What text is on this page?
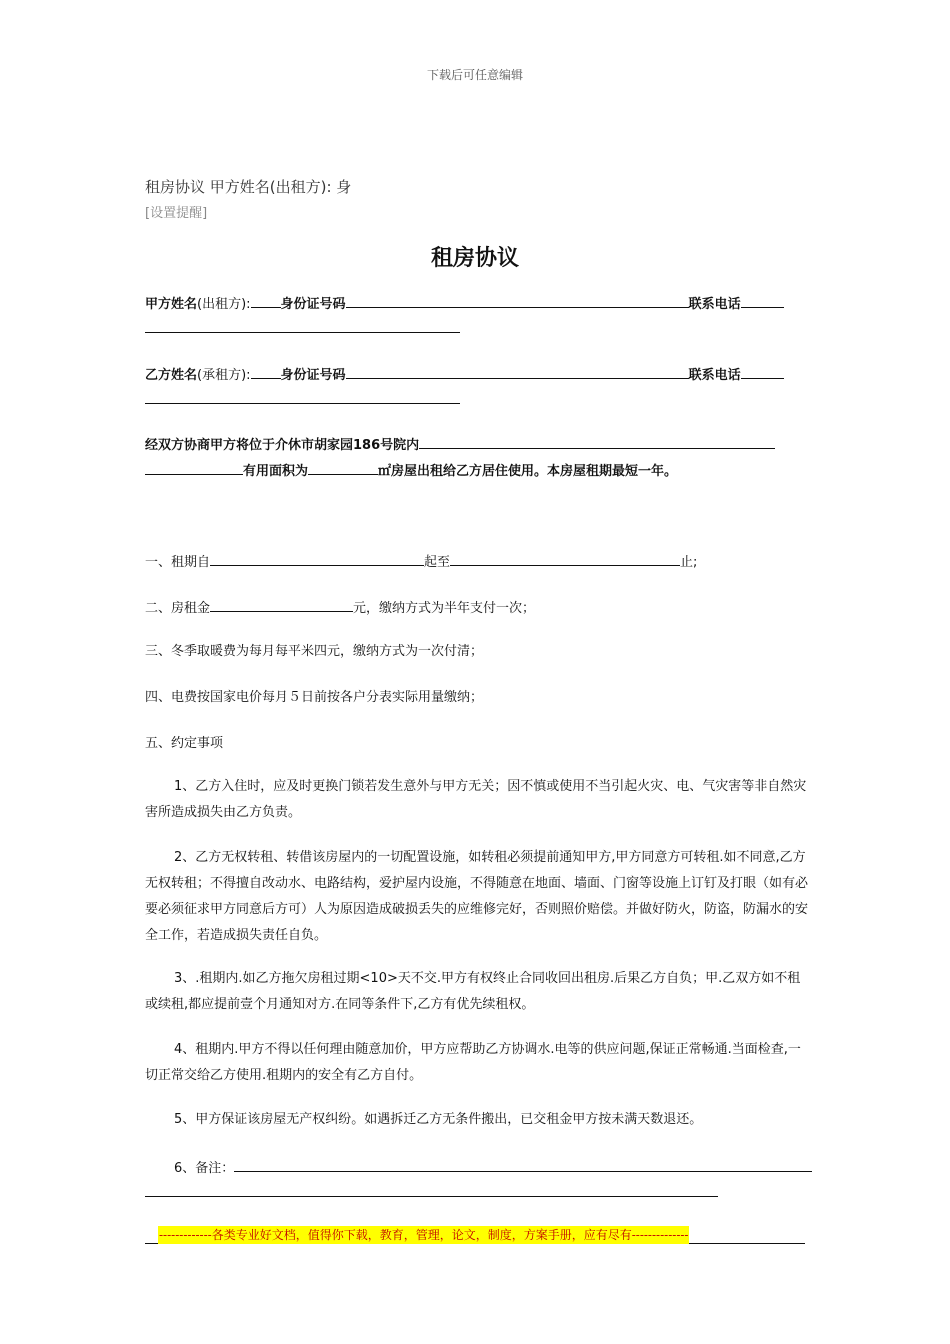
下载后可任意编辑
租房协议 甲方姓名(出租方): 身
[设置提醒]
租房协议
甲方姓名(出租方): 身份证号码	联系电话
乙方姓名(承租方): 身份证号码	联系电话
经双方协商甲方将位于介休市胡家园186号院内
有用面积为	㎡房屋出租给乙方居住使用。本房屋租期最短一年。
一、租期自	起至	止;
二、房租金	元，缴纳方式为半年支付一次；
三、冬季取暖费为每月每平米四元，缴纳方式为一次付清；
四、电费按国家电价每月５日前按各户分表实际用量缴纳；
五、约定事项
1、乙方入住时，应及时更换门锁若发生意外与甲方无关；因不慎或使用不当引起火灾、电、气灾害等非自然灾害所造成损失由乙方负责。
2、乙方无权转租、转借该房屋内的一切配置设施，如转租必须提前通知甲方,甲方同意方可转租.如不同意,乙方无权转租；不得擅自改动水、电路结构，爱护屋内设施，不得随意在地面、墙面、门窗等设施上订钉及打眼（如有必要必须征求甲方同意后方可）人为原因造成破损丢失的应维修完好，否则照价赔偿。并做好防火，防盗，防漏水的安全工作，若造成损失责任自负。
3、.租期内.如乙方拖欠房租过期<10>天不交.甲方有权终止合同收回出租房.后果乙方自负；甲.乙双方如不租或续租,都应提前壹个月通知对方.在同等条件下,乙方有优先续租权。
4、租期内.甲方不得以任何理由随意加价，甲方应帮助乙方协调水.电等的供应问题,保证正常畅通.当面检查,一切正常交给乙方使用.租期内的安全有乙方自付。
5、甲方保证该房屋无产权纠纷。如遇拆迁乙方无条件搬出，已交租金甲方按未满天数退还。
6、备注：
-------------各类专业好文档，值得你下载，教育，管理，论文，制度，方案手册，应有尽有--------------
